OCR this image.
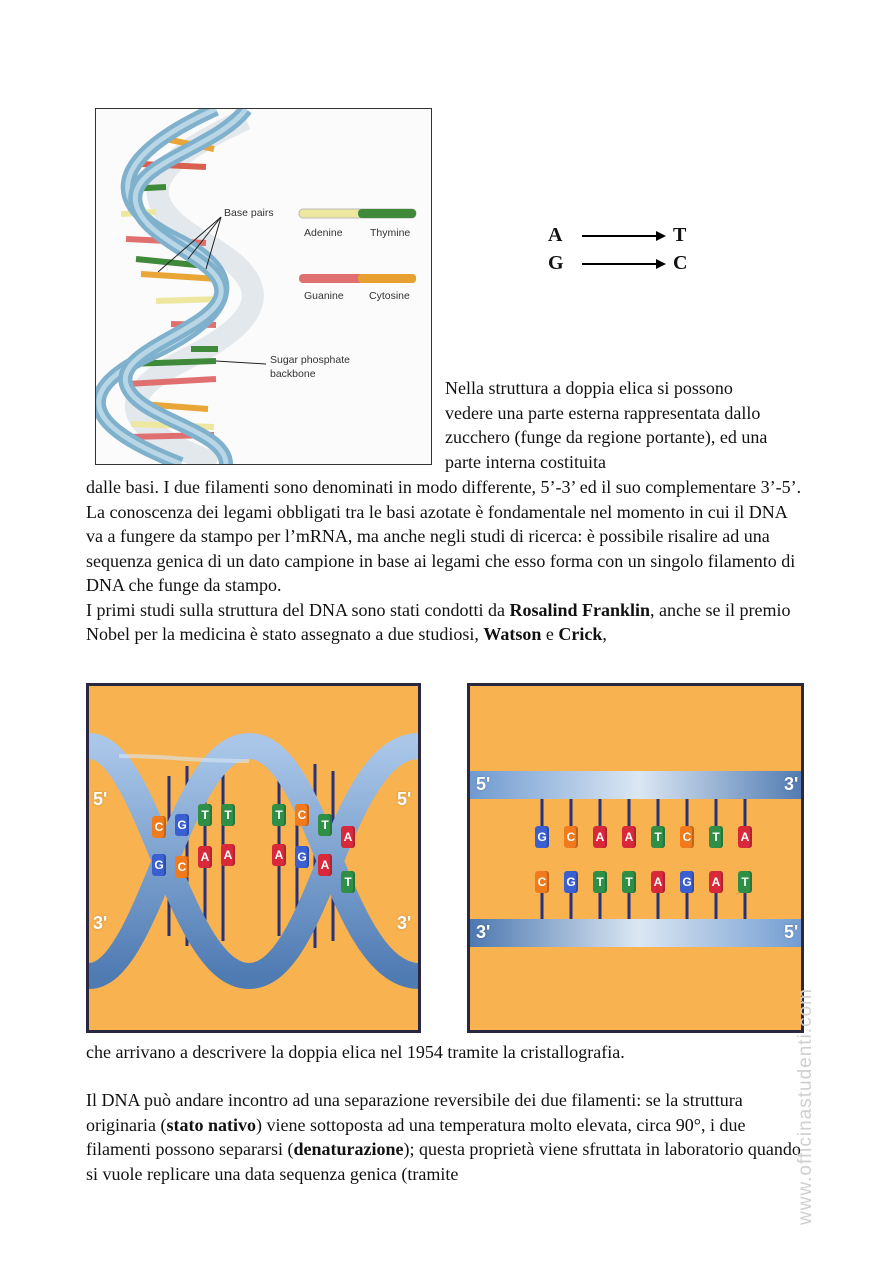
Base pairs
Adenine	Thymine
Guanine Cytosine
Sugar phosphate
backbone
A	T
G	C
Nella struttura a doppia elica si possono vedere una parte esterna rappresentata dallo zucchero (funge da regione portante), ed una parte interna costituita
dalle basi. I due filamenti sono denominati in modo differente, 5’-3’ ed il suo complementare 3’-5’. La conoscenza dei legami obbligati tra le basi azotate è fondamentale nel momento in cui il DNA va a fungere da stampo per l’mRNA, ma anche negli studi di ricerca: è possibile risalire ad una sequenza genica di un dato campione in base ai legami che esso forma con un singolo filamento di DNA che funge da stampo.
I primi studi sulla struttura del DNA sono stati condotti da Rosalind Franklin, anche se il premio Nobel per la medicina è stato assegnato a due studiosi, Watson e Crick,
5'
3'
5'
3'
C G
T T	T C
T
A
G C
A A	A G
A
T
5'	3'
3'	5'
G C A A T C T A
C G T T A G A T
che arrivano a descrivere la doppia elica nel 1954 tramite la cristallografia.
Il DNA può andare incontro ad una separazione reversibile dei due filamenti: se la struttura originaria (stato nativo) viene sottoposta ad una temperatura molto elevata, circa 90°, i due filamenti possono separarsi (denaturazione); questa proprietà viene sfruttata in laboratorio quando si vuole replicare una data sequenza genica (tramite	www.officinastudenti.com
